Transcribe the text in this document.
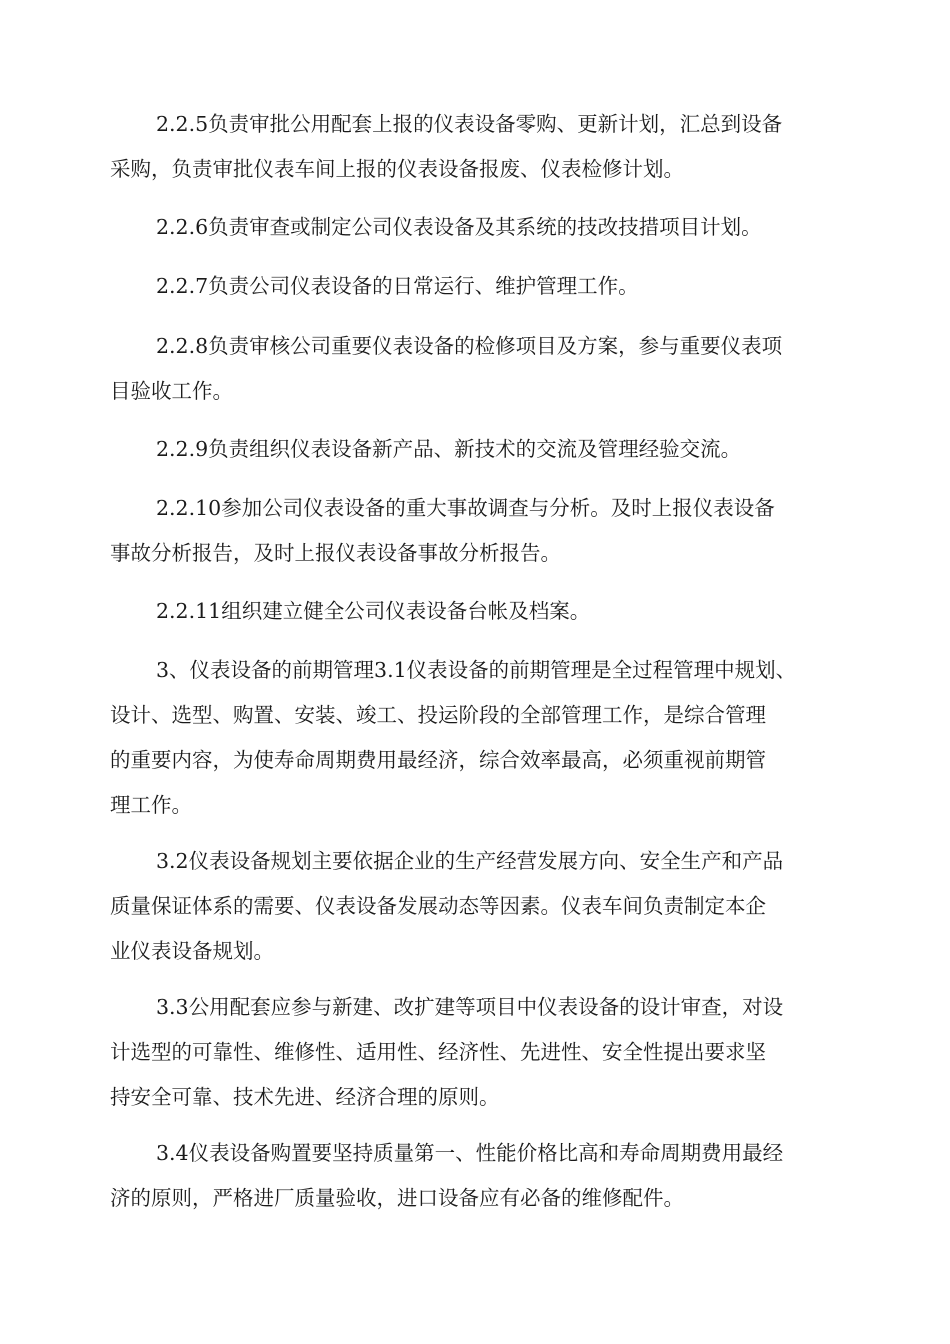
2.2.5负责审批公用配套上报的仪表设备零购、更新计划，汇总到设备
采购，负责审批仪表车间上报的仪表设备报废、仪表检修计划。
2.2.6负责审查或制定公司仪表设备及其系统的技改技措项目计划。
2.2.7负责公司仪表设备的日常运行、维护管理工作。
2.2.8负责审核公司重要仪表设备的检修项目及方案，参与重要仪表项
目验收工作。
2.2.9负责组织仪表设备新产品、新技术的交流及管理经验交流。
2.2.10参加公司仪表设备的重大事故调查与分析。及时上报仪表设备
事故分析报告，及时上报仪表设备事故分析报告。
2.2.11组织建立健全公司仪表设备台帐及档案。
3、仪表设备的前期管理3.1仪表设备的前期管理是全过程管理中规划、
设计、选型、购置、安装、竣工、投运阶段的全部管理工作，是综合管理
的重要内容，为使寿命周期费用最经济，综合效率最高，必须重视前期管
理工作。
3.2仪表设备规划主要依据企业的生产经营发展方向、安全生产和产品
质量保证体系的需要、仪表设备发展动态等因素。仪表车间负责制定本企
业仪表设备规划。
3.3公用配套应参与新建、改扩建等项目中仪表设备的设计审查，对设
计选型的可靠性、维修性、适用性、经济性、先进性、安全性提出要求坚
持安全可靠、技术先进、经济合理的原则。
3.4仪表设备购置要坚持质量第一、性能价格比高和寿命周期费用最经
济的原则，严格进厂质量验收，进口设备应有必备的维修配件。
